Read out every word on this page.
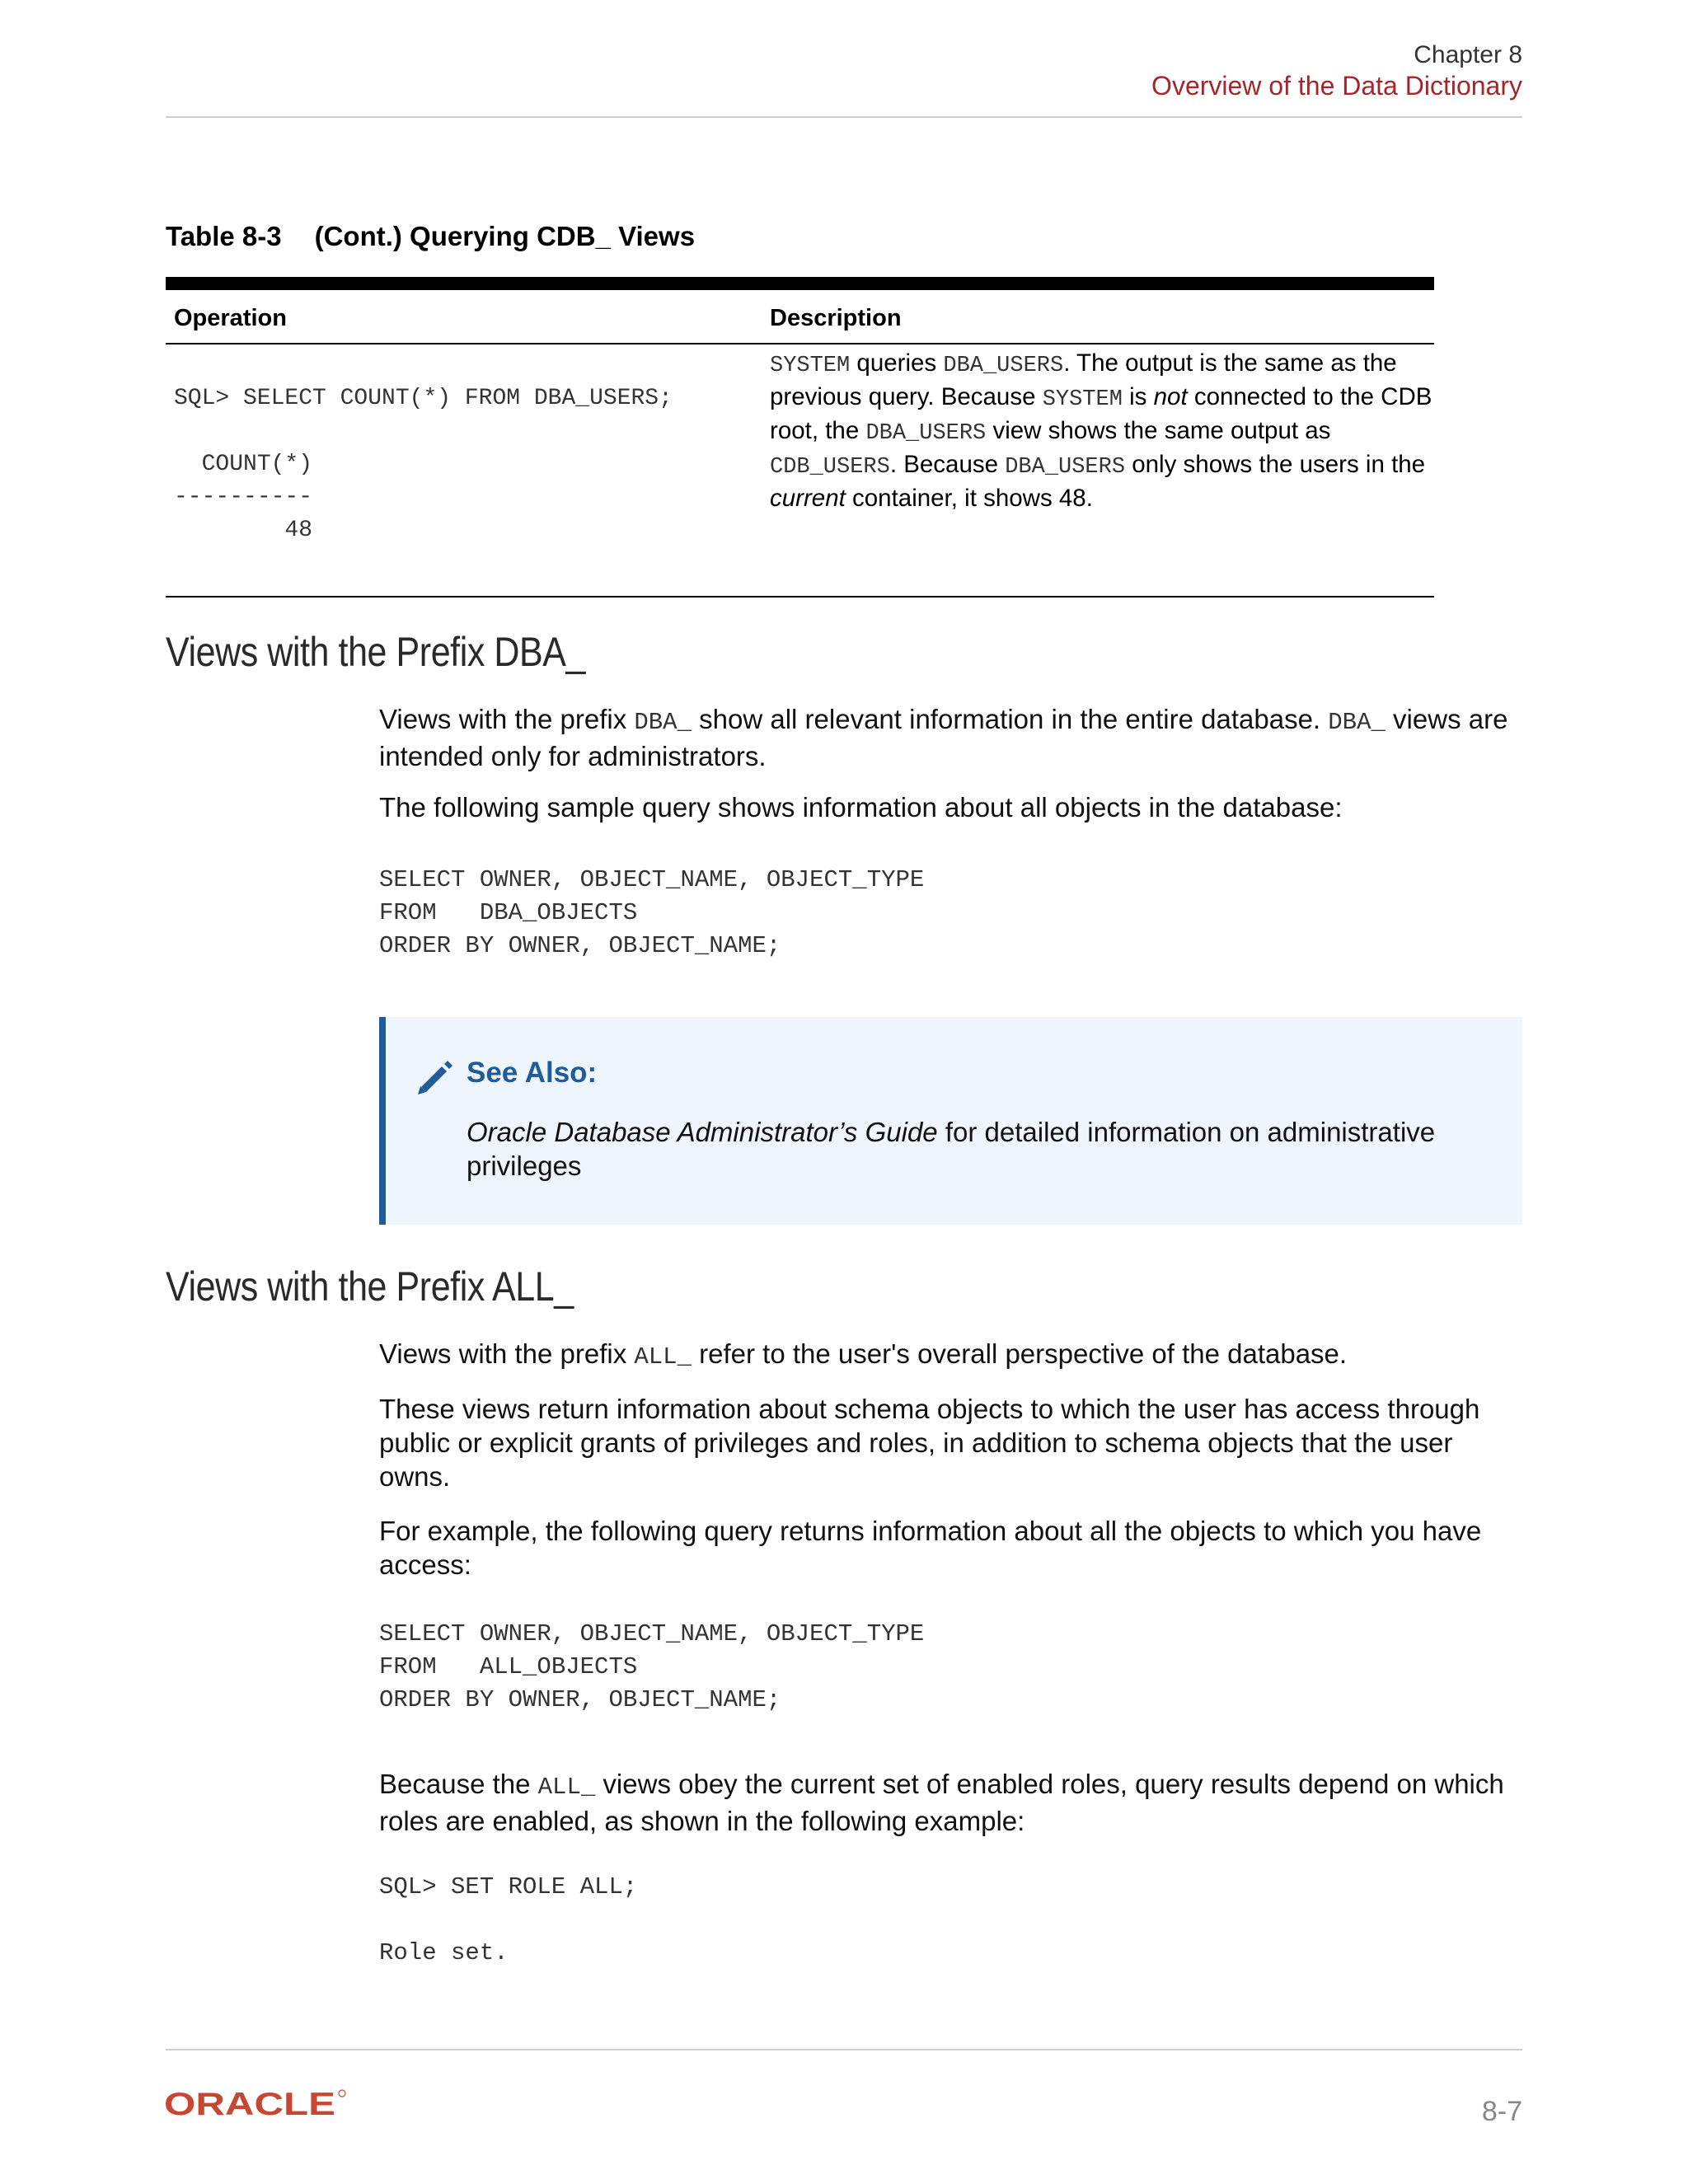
Chapter 8
Overview of the Data Dictionary
Table 8-3 (Cont.) Querying CDB_ Views
Operation	Description
SQL> SELECT COUNT(*) FROM DBA_USERS;

COUNT(*)
----------
48

SYSTEM queries DBA_USERS. The output is the same as the previous query. Because SYSTEM is not connected to the CDB root, the DBA_USERS view shows the same output as CDB_USERS. Because DBA_USERS only shows the users in the current container, it shows 48.

Views with the Prefix DBA_

Views with the prefix DBA_ show all relevant information in the entire database. DBA_ views are intended only for administrators.

The following sample query shows information about all objects in the database:

SELECT OWNER, OBJECT_NAME, OBJECT_TYPE
FROM   DBA_OBJECTS
ORDER BY OWNER, OBJECT_NAME;
See Also:

Oracle Database Administrator’s Guide for detailed information on administrative privileges

Views with the Prefix ALL_

Views with the prefix ALL_ refer to the user's overall perspective of the database.

These views return information about schema objects to which the user has access through public or explicit grants of privileges and roles, in addition to schema objects that the user owns.

For example, the following query returns information about all the objects to which you have access:

SELECT OWNER, OBJECT_NAME, OBJECT_TYPE
FROM   ALL_OBJECTS
ORDER BY OWNER, OBJECT_NAME;

Because the ALL_ views obey the current set of enabled roles, query results depend on which roles are enabled, as shown in the following example:

SQL> SET ROLE ALL;

Role set.
ORACLE	8-7
